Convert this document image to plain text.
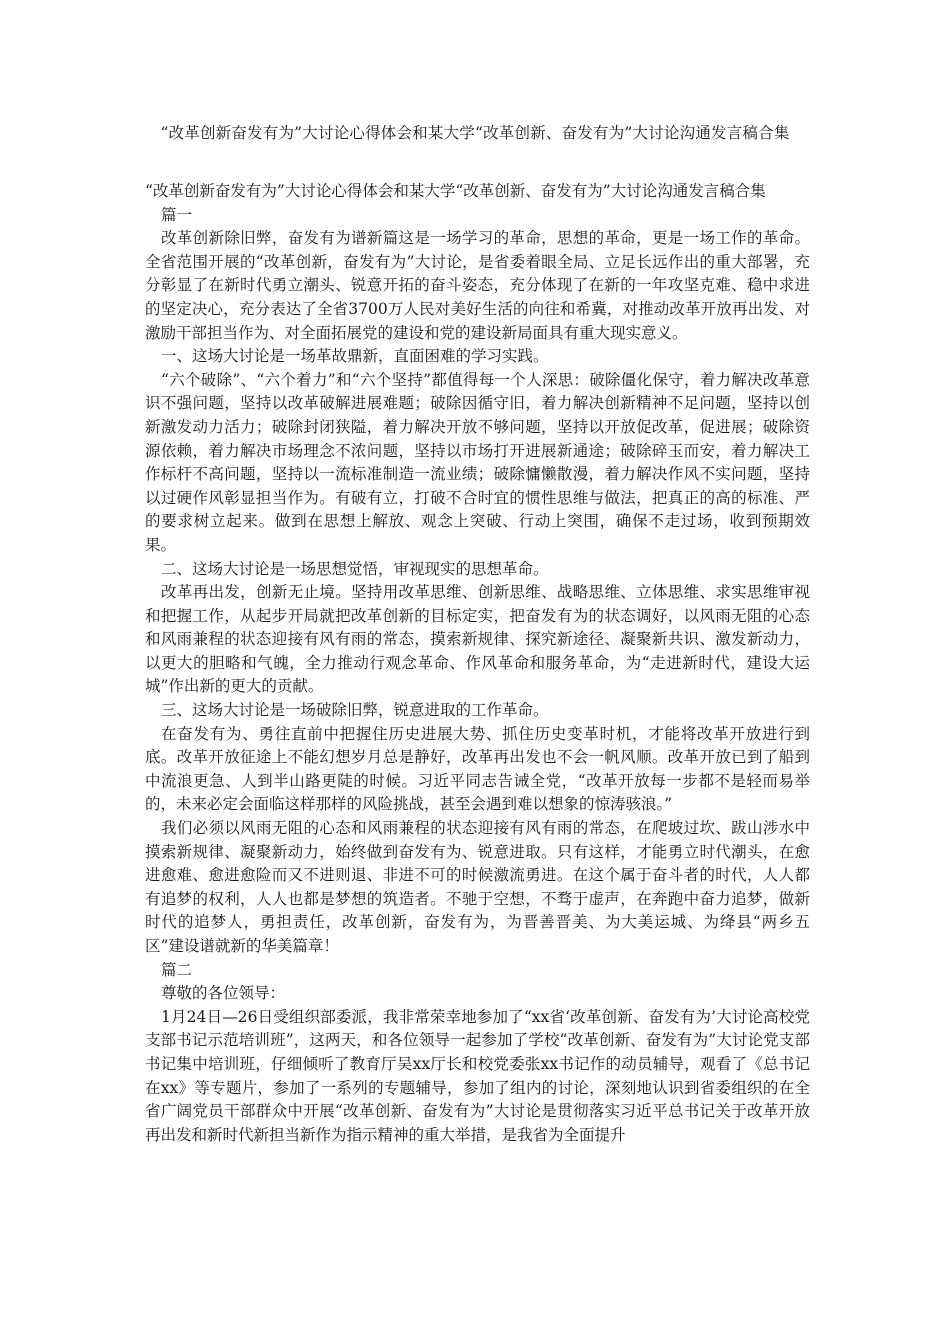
“改革创新奋发有为”大讨论心得体会和某大学“改革创新、奋发有为”大讨论沟通发言稿合集

“改革创新奋发有为”大讨论心得体会和某大学“改革创新、奋发有为”大讨论沟通发言稿合集

篇一

改革创新除旧弊，奋发有为谱新篇这是一场学习的革命，思想的革命，更是一场工作的革命。全省范围开展的“改革创新，奋发有为”大讨论，是省委着眼全局、立足长远作出的重大部署，充分彰显了在新时代勇立潮头、锐意开拓的奋斗姿态，充分体现了在新的一年攻坚克难、稳中求进的坚定决心，充分表达了全省3700万人民对美好生活的向往和希冀，对推动改革开放再出发、对激励干部担当作为、对全面拓展党的建设和党的建设新局面具有重大现实意义。

一、这场大讨论是一场革故鼎新，直面困难的学习实践。

“六个破除”、“六个着力”和“六个坚持”都值得每一个人深思：破除僵化保守，着力解决改革意识不强问题，坚持以改革破解进展难题；破除因循守旧，着力解决创新精神不足问题，坚持以创新激发动力活力；破除封闭狭隘，着力解决开放不够问题，坚持以开放促改革，促进展；破除资源依赖，着力解决市场理念不浓问题，坚持以市场打开进展新通途；破除碎玉而安，着力解决工作标杆不高问题，坚持以一流标准制造一流业绩；破除慵懒散漫，着力解决作风不实问题，坚持以过硬作风彰显担当作为。有破有立，打破不合时宜的惯性思维与做法，把真正的高的标准、严的要求树立起来。做到在思想上解放、观念上突破、行动上突围，确保不走过场，收到预期效果。

二、这场大讨论是一场思想觉悟，审视现实的思想革命。

改革再出发，创新无止境。坚持用改革思维、创新思维、战略思维、立体思维、求实思维审视和把握工作，从起步开局就把改革创新的目标定实，把奋发有为的状态调好，以风雨无阻的心态和风雨兼程的状态迎接有风有雨的常态，摸索新规律、探究新途径、凝聚新共识、激发新动力，以更大的胆略和气魄，全力推动行观念革命、作风革命和服务革命，为“走进新时代，建设大运城”作出新的更大的贡献。

三、这场大讨论是一场破除旧弊，锐意进取的工作革命。

在奋发有为、勇往直前中把握住历史进展大势、抓住历史变革时机，才能将改革开放进行到底。改革开放征途上不能幻想岁月总是静好，改革再出发也不会一帆风顺。改革开放已到了船到中流浪更急、人到半山路更陡的时候。习近平同志告诫全党，“改革开放每一步都不是轻而易举的，未来必定会面临这样那样的风险挑战，甚至会遇到难以想象的惊涛骇浪。”

我们必须以风雨无阻的心态和风雨兼程的状态迎接有风有雨的常态，在爬坡过坎、跋山涉水中摸索新规律、凝聚新动力，始终做到奋发有为、锐意进取。只有这样，才能勇立时代潮头，在愈进愈难、愈进愈险而又不进则退、非进不可的时候激流勇进。在这个属于奋斗者的时代，人人都有追梦的权利，人人也都是梦想的筑造者。不驰于空想，不骛于虚声，在奔跑中奋力追梦，做新时代的追梦人，勇担责任，改革创新，奋发有为，为晋善晋美、为大美运城、为绛县“两乡五区”建设谱就新的华美篇章！

篇二

尊敬的各位领导：

1月24日—26日受组织部委派，我非常荣幸地参加了“xx省‘改革创新、奋发有为’大讨论高校党支部书记示范培训班”，这两天，和各位领导一起参加了学校“改革创新、奋发有为”大讨论党支部书记集中培训班，仔细倾听了教育厅吴xx厅长和校党委张xx书记作的动员辅导，观看了《总书记在xx》等专题片，参加了一系列的专题辅导，参加了组内的讨论，深刻地认识到省委组织的在全省广阔党员干部群众中开展“改革创新、奋发有为”大讨论是贯彻落实习近平总书记关于改革开放再出发和新时代新担当新作为指示精神的重大举措，是我省为全面提升
